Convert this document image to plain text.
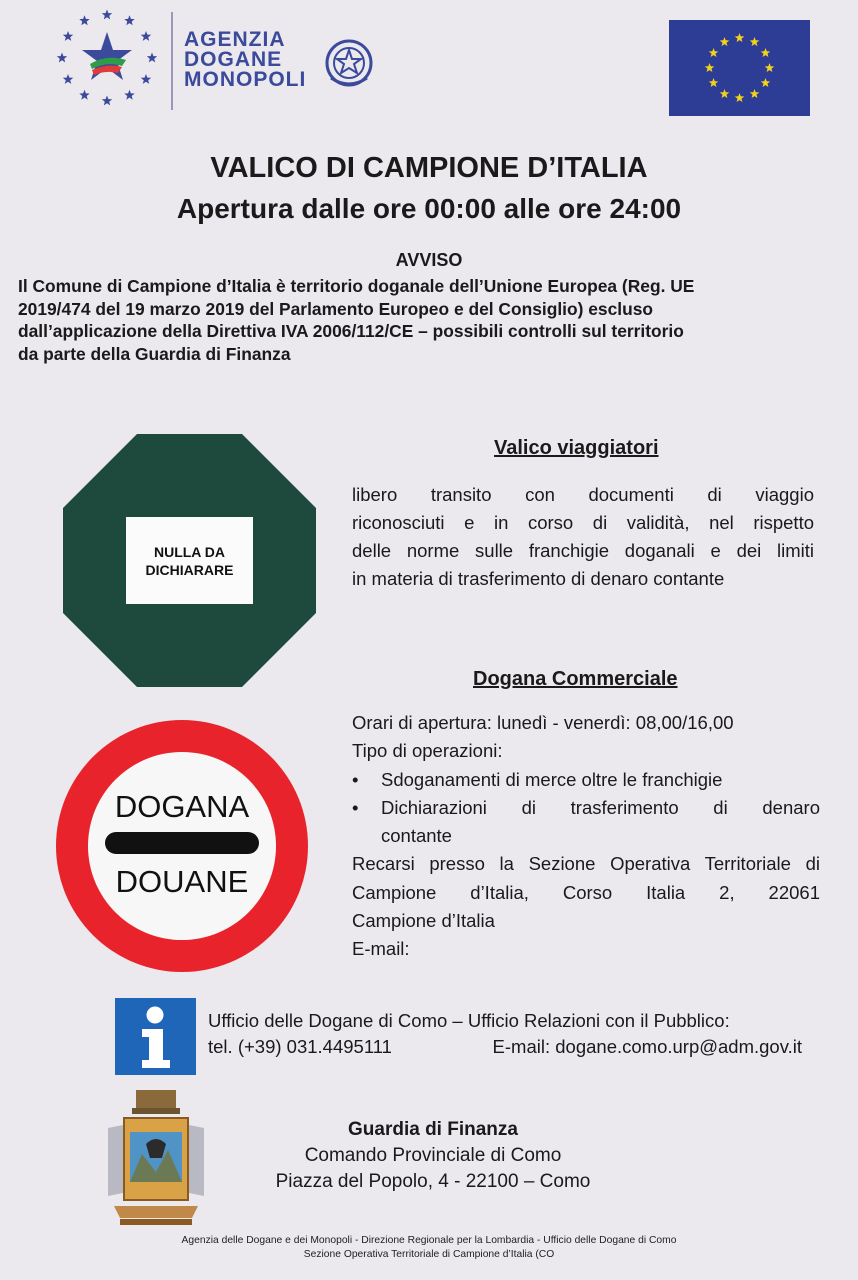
AGENZIA
DOGANE
MONOPOLI
VALICO DI CAMPIONE D’ITALIA
Apertura dalle ore 00:00 alle ore 24:00
AVVISO
Il Comune di Campione d’Italia è territorio doganale dell’Unione Europea (Reg. UE
2019/474 del 19 marzo 2019 del Parlamento Europeo e del Consiglio) escluso
dall’applicazione della Direttiva IVA 2006/112/CE – possibili controlli sul territorio
da parte della Guardia di Finanza
NULLA DA
DICHIARARE
Valico viaggiatori
libero transito con documenti di viaggio
riconosciuti e in corso di validità, nel rispetto
delle norme sulle franchigie doganali e dei limiti
in materia di trasferimento di denaro contante
DOGANA
DOUANE
Dogana Commerciale
Orari di apertura: lunedì - venerdì: 08,00/16,00
Tipo di operazioni:
•	Sdoganamenti di merce oltre le franchigie
•	Dichiarazioni di trasferimento di denaro
contante
Recarsi presso la Sezione Operativa Territoriale di
Campione d’Italia, Corso Italia 2, 22061
Campione d’Italia
E-mail:
Ufficio delle Dogane di Como – Ufficio Relazioni con il Pubblico:
tel. (+39) 031.4495111	E-mail: dogane.como.urp@adm.gov.it
Guardia di Finanza
Comando Provinciale di Como
Piazza del Popolo, 4 - 22100 – Como
Agenzia delle Dogane e dei Monopoli - Direzione Regionale per la Lombardia - Ufficio delle Dogane di Como
Sezione Operativa Territoriale di Campione d’Italia (CO
